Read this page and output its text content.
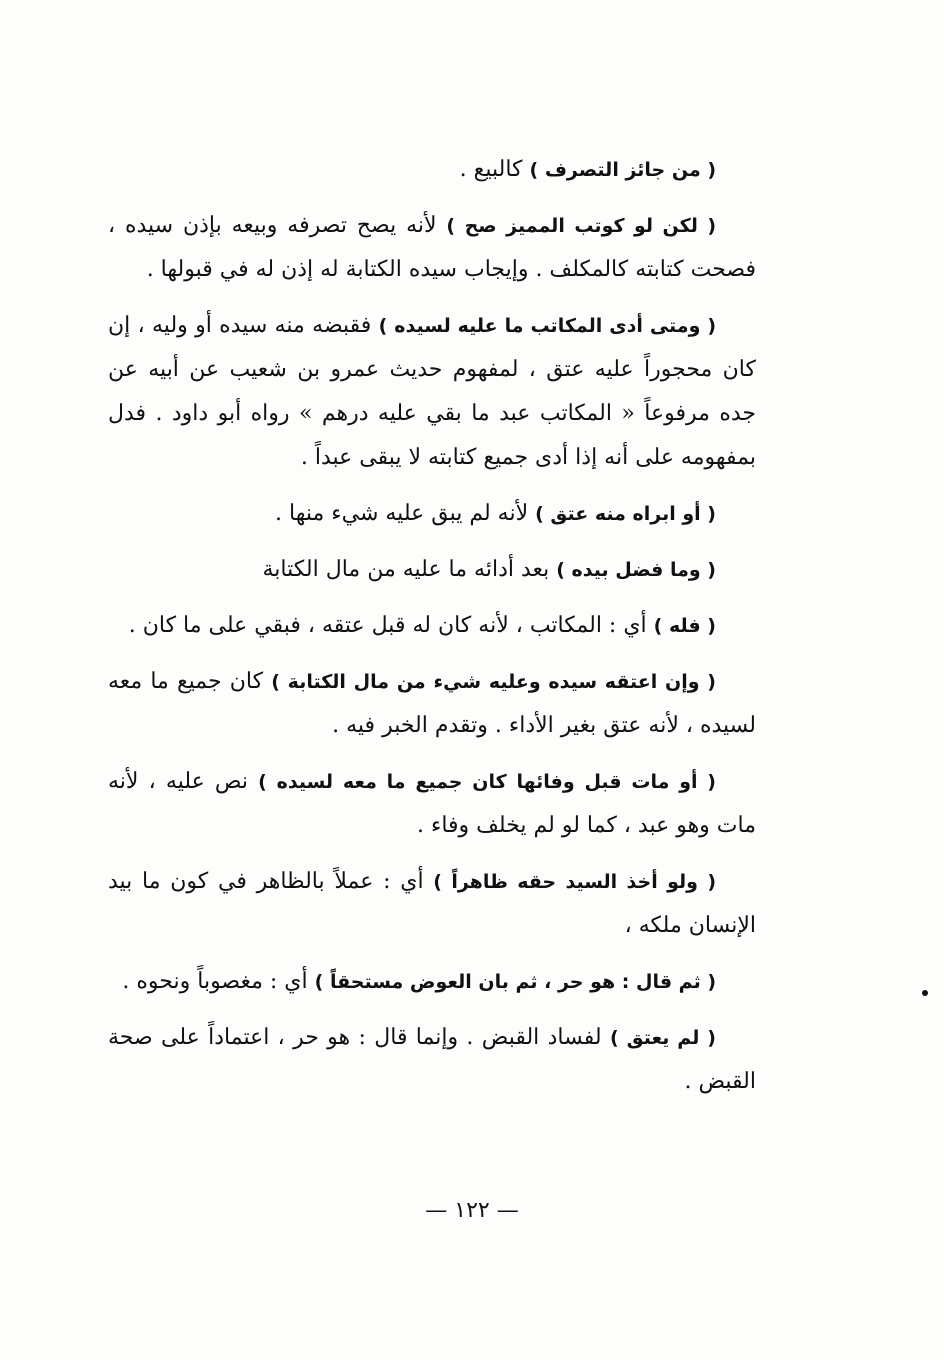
( من جائز التصرف ) كالبيع .

( لكن لو كوتب المميز صح ) لأنه يصح تصرفه وبيعه بإذن سيده ، فصحت كتابته كالمكلف . وإيجاب سيده الكتابة له إذن له في قبولها .

( ومتى أدى المكاتب ما عليه لسيده ) فقبضه منه سيده أو وليه ، إن كان محجوراً عليه عتق ، لمفهوم حديث عمرو بن شعيب عن أبيه عن جده مرفوعاً « المكاتب عبد ما بقي عليه درهم » رواه أبو داود . فدل بمفهومه على أنه إذا أدى جميع كتابته لا يبقى عبداً .

( أو ابراه منه عتق ) لأنه لم يبق عليه شيء منها .

( وما فضل بيده ) بعد أدائه ما عليه من مال الكتابة

( فله ) أي : المكاتب ، لأنه كان له قبل عتقه ، فبقي على ما كان .

( وإن اعتقه سيده وعليه شيء من مال الكتابة ) كان جميع ما معه لسيده ، لأنه عتق بغير الأداء . وتقدم الخبر فيه .

( أو مات قبل وفائها كان جميع ما معه لسيده ) نص عليه ، لأنه مات وهو عبد ، كما لو لم يخلف وفاء .

( ولو أخذ السيد حقه ظاهراً ) أي : عملاً بالظاهر في كون ما بيد الإنسان ملكه ،

( ثم قال : هو حر ، ثم بان العوض مستحقاً ) أي : مغصوباً ونحوه .

( لم يعتق ) لفساد القبض . وإنما قال : هو حر ، اعتماداً على صحة القبض .

— ١٢٢ —
